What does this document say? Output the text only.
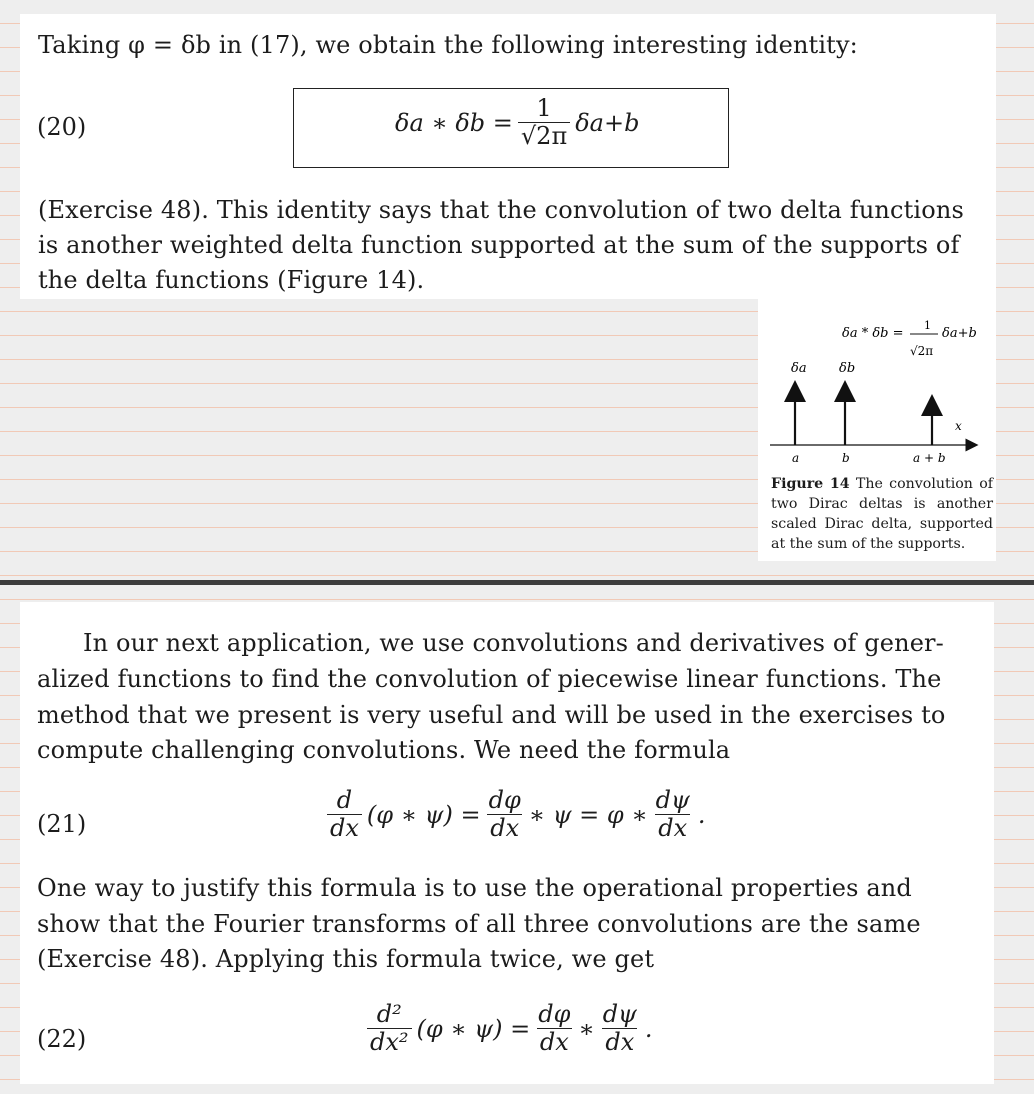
Taking φ = δb in (17), we obtain the following interesting identity:
(20)	δa ∗ $\delta b = \frac{1}{√2\pi} \delta a+b$
(Exercise 48). This identity says that the convolution of two delta functions
is another weighted delta function supported at the sum of the supports of
the delta functions (Figure 14).
δa * δb =
1
√2π
δa+b
δa δb
x
a	b	a + b
Figure 14 The convolution of two Dirac deltas is another scaled Dirac delta, supported at the sum of the supports.
In our next application, we use convolutions and derivatives of gener-
alized functions to find the convolution of piecewise linear functions. The
method that we present is very useful and will be used in the exercises to
compute challenging convolutions. We need the formula
(21)	$\frac{d}{dx} (\varphi$ ∗ $\psi) = \frac{d\varphi}{dx}$ ∗ ψ = φ ∗ $\frac{d\psi}{dx}$ .
One way to justify this formula is to use the operational properties and
show that the Fourier transforms of all three convolutions are the same
(Exercise 48). Applying this formula twice, we get
(22)	$\frac{\text{d²}}{\text{dx²}} (\varphi$ ∗ $\psi) = \frac{d\varphi}{dx}$ ∗ $\frac{d\psi}{dx}$ .
